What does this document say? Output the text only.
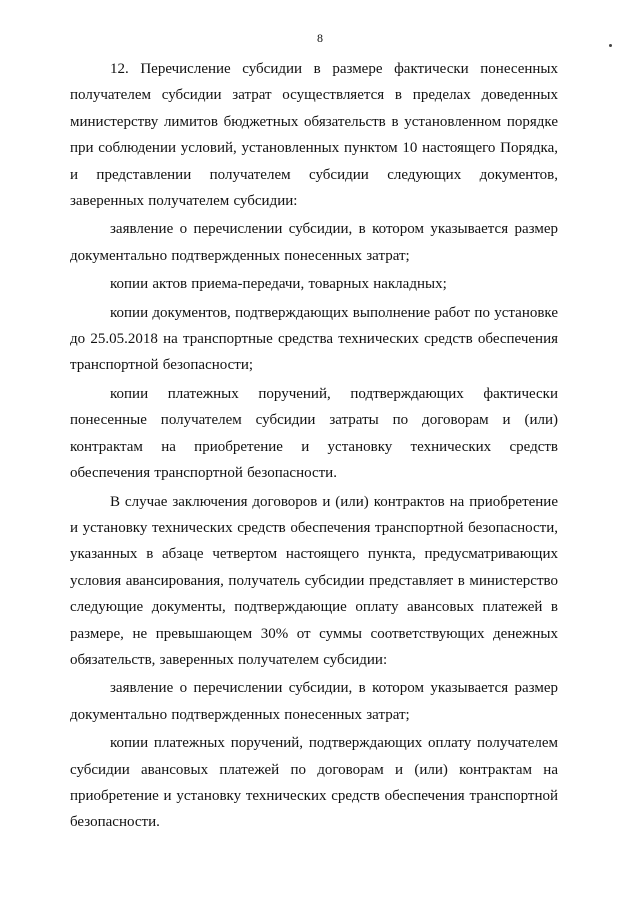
8

12. Перечисление субсидии в размере фактически понесенных получателем субсидии затрат осуществляется в пределах доведенных министерству лимитов бюджетных обязательств в установленном порядке при соблюдении условий, установленных пунктом 10 настоящего Порядка, и представлении получателем субсидии следующих документов, заверенных получателем субсидии:

заявление о перечислении субсидии, в котором указывается размер документально подтвержденных понесенных затрат;

копии актов приема-передачи, товарных накладных;

копии документов, подтверждающих выполнение работ по установке до 25.05.2018 на транспортные средства технических средств обеспечения транспортной безопасности;

копии платежных поручений, подтверждающих фактически понесенные получателем субсидии затраты по договорам и (или) контрактам на приобретение и установку технических средств обеспечения транспортной безопасности.

В случае заключения договоров и (или) контрактов на приобретение и установку технических средств обеспечения транспортной безопасности, указанных в абзаце четвертом настоящего пункта, предусматривающих условия авансирования, получатель субсидии представляет в министерство следующие документы, подтверждающие оплату авансовых платежей в размере, не превышающем 30% от суммы соответствующих денежных обязательств, заверенных получателем субсидии:

заявление о перечислении субсидии, в котором указывается размер документально подтвержденных понесенных затрат;

копии платежных поручений, подтверждающих оплату получателем субсидии авансовых платежей по договорам и (или) контрактам на приобретение и установку технических средств обеспечения транспортной безопасности.
